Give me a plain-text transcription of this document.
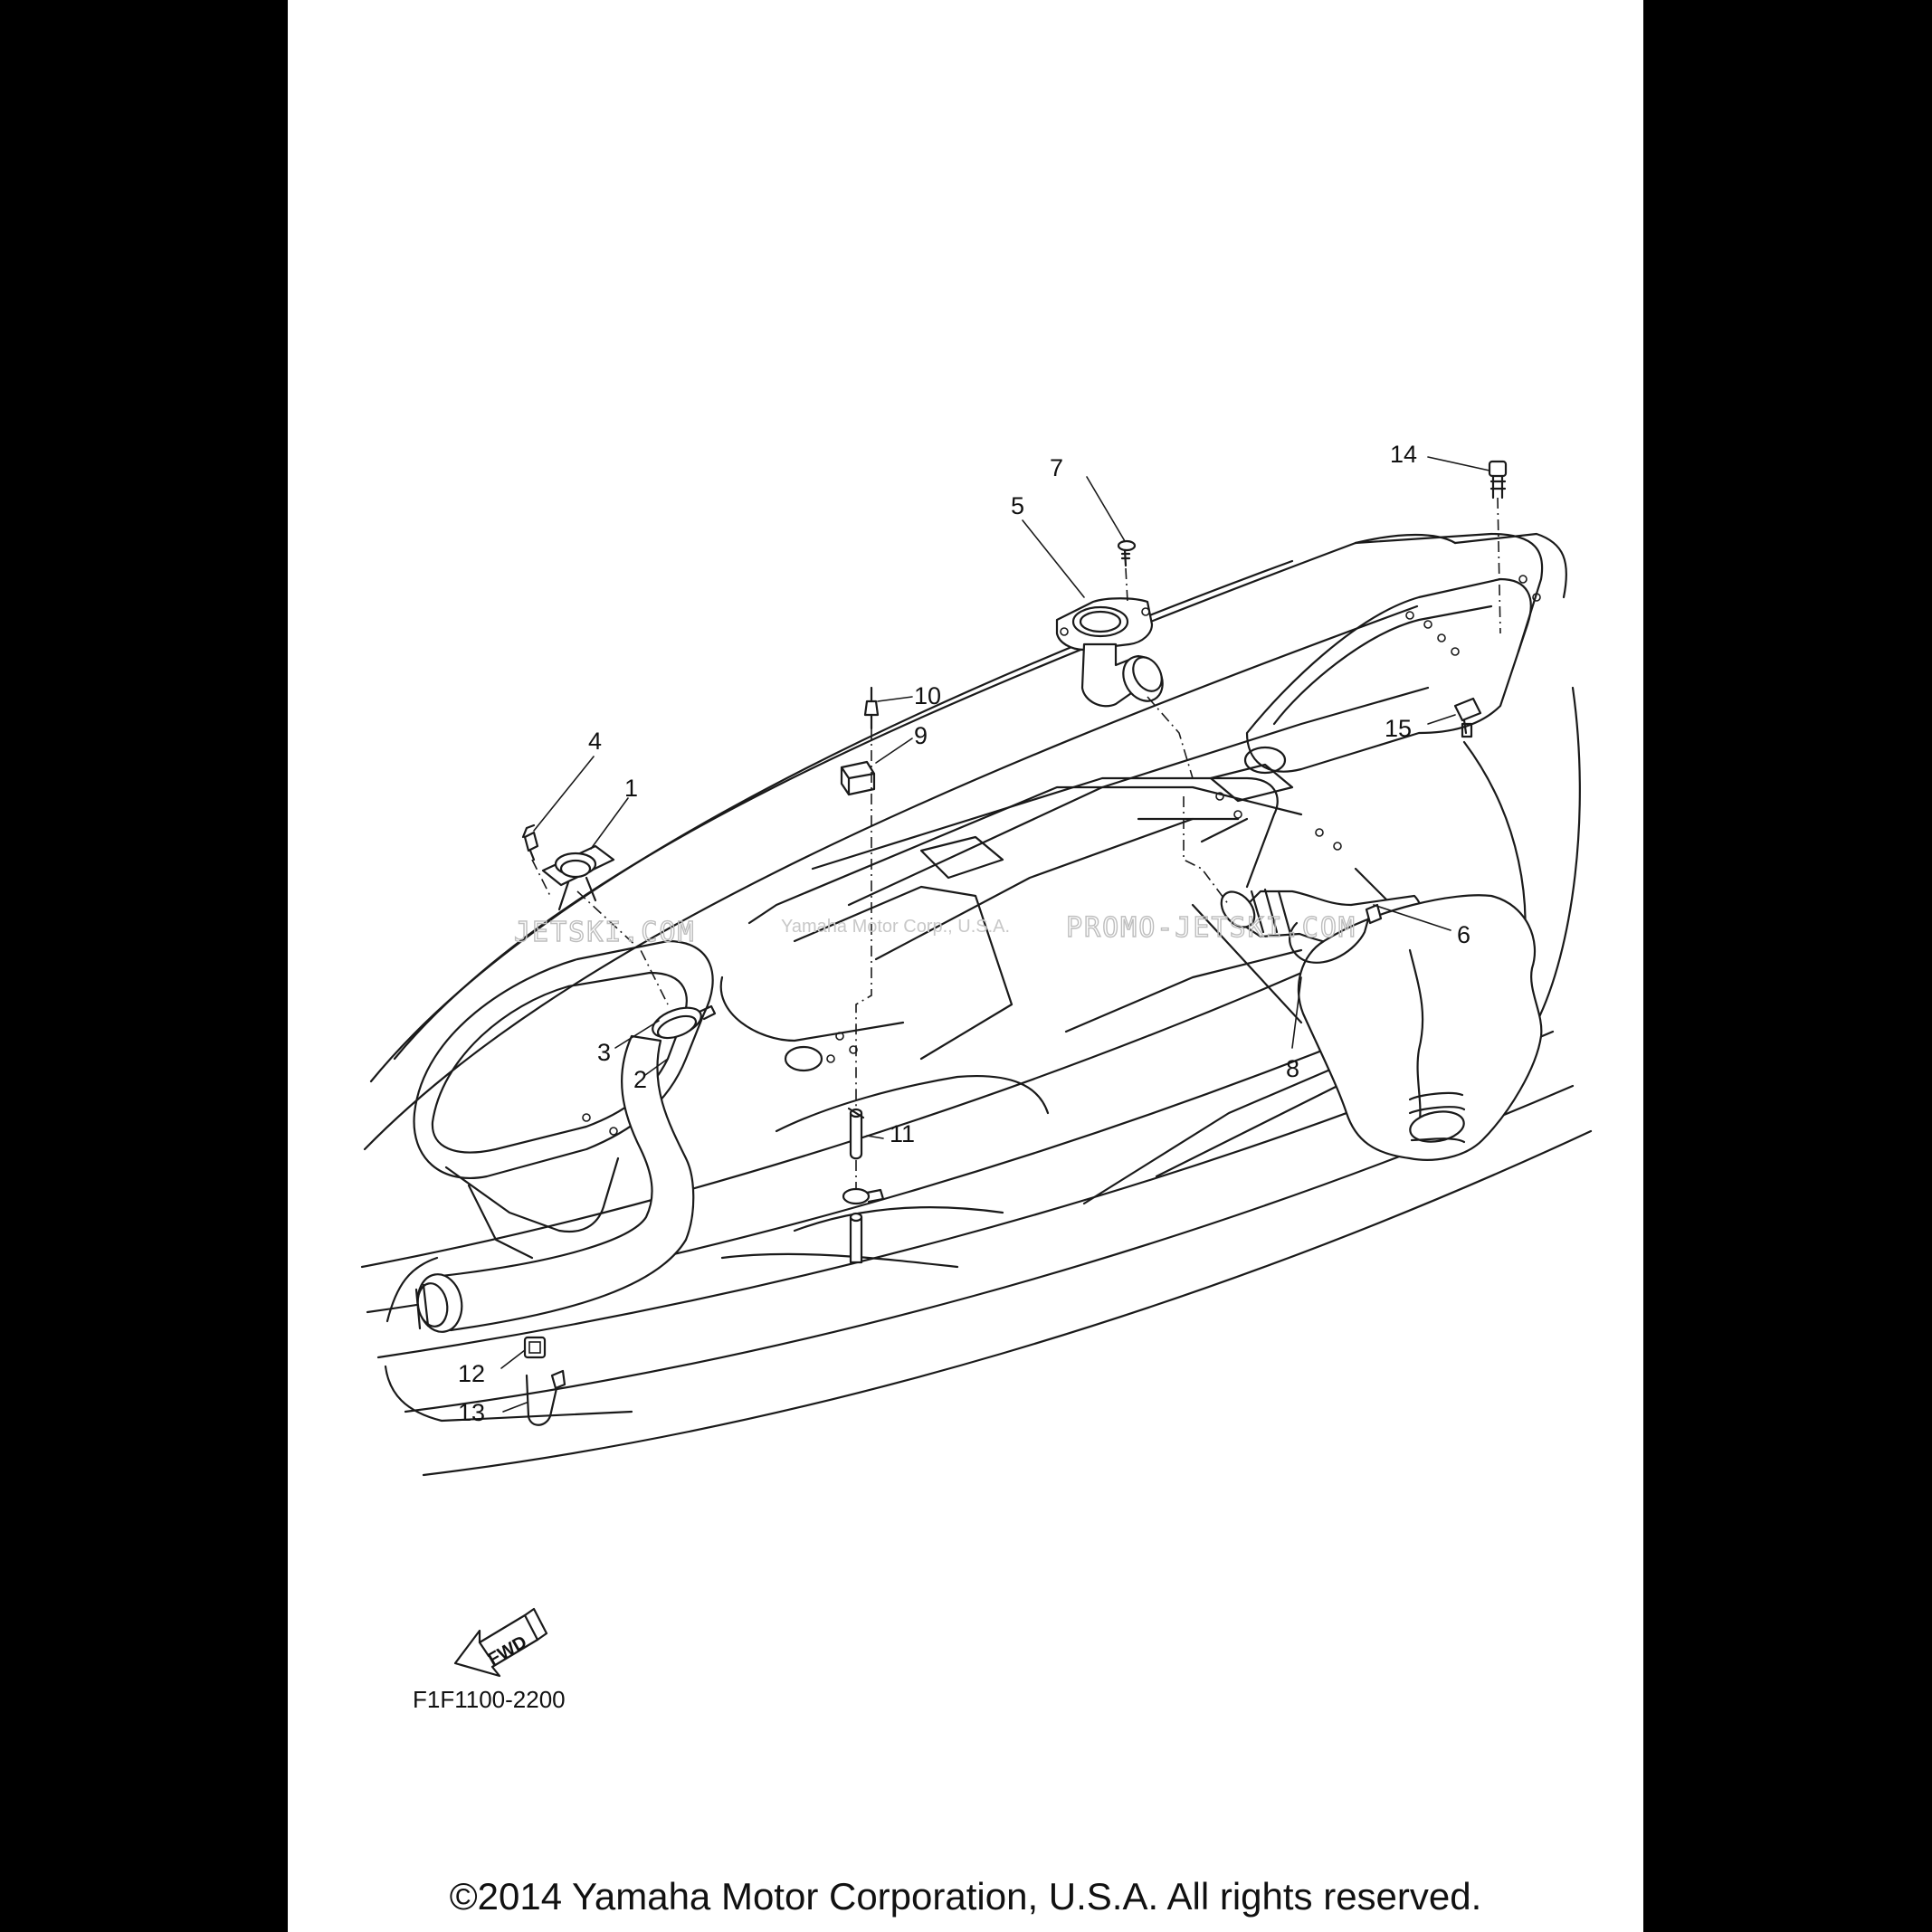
1
2
3
4
5
6
7
8
9
10
11
12
13
14
15
JETSKI.COM	PROMO-JETSKI.COM
Yamaha Motor Corp., U.S.A.
FWD
F1F1100-2200
©2014 Yamaha Motor Corporation, U.S.A. All rights reserved.
